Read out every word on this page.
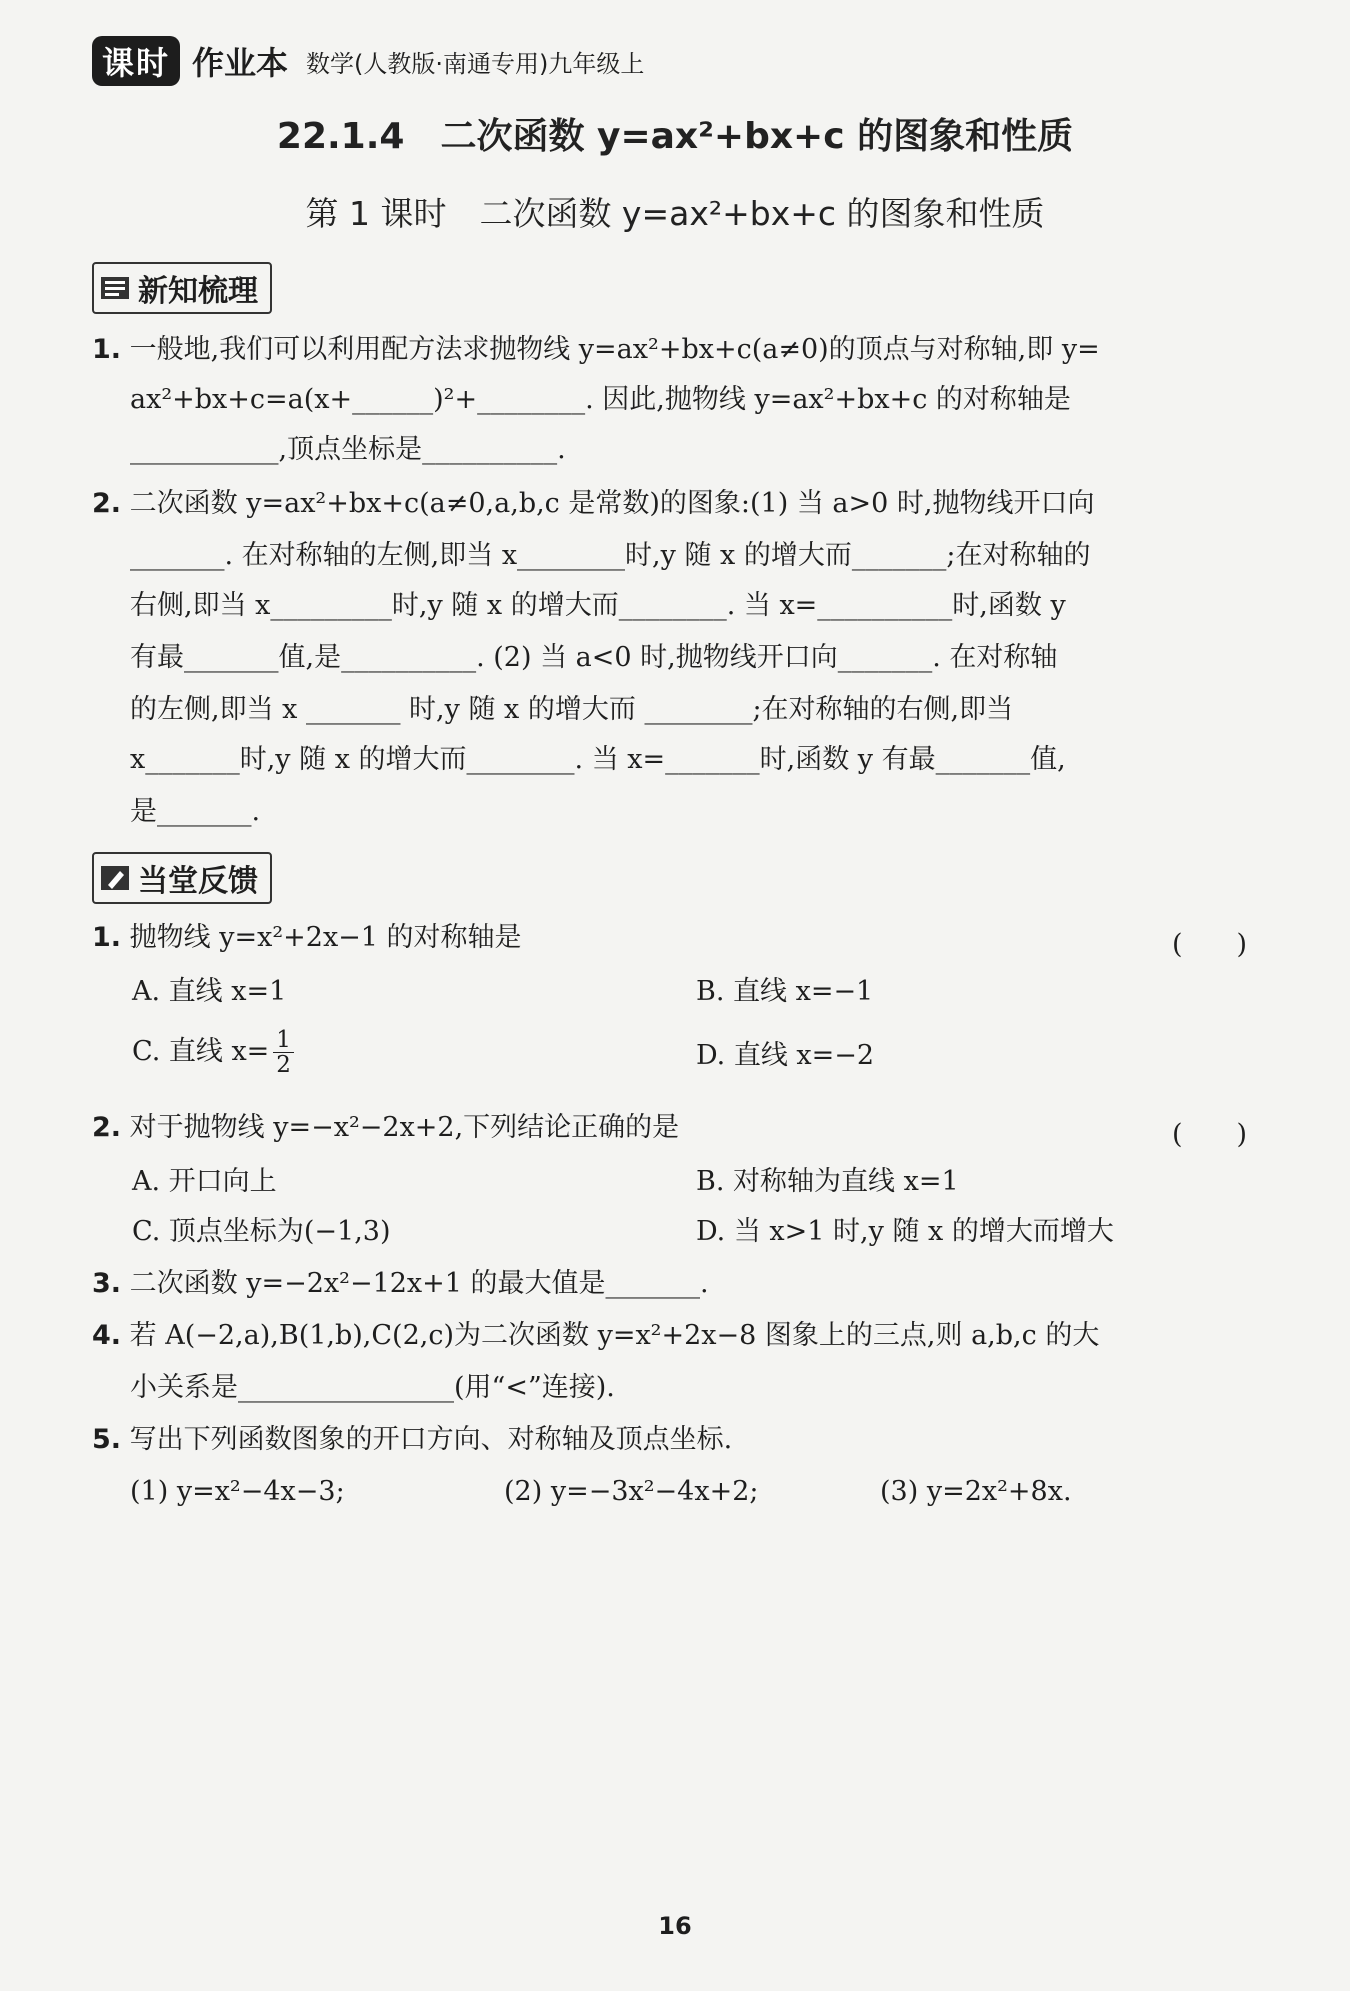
课时 作业本 数学(人教版·南通专用)九年级上
22.1.4　二次函数 y=ax²+bx+c 的图象和性质
第 1 课时　二次函数 y=ax²+bx+c 的图象和性质
新知梳理
1. 一般地,我们可以利用配方法求抛物线 y=ax²+bx+c(a≠0)的顶点与对称轴,即 y=
ax²+bx+c=a(x+______)²+________. 因此,抛物线 y=ax²+bx+c 的对称轴是
___________,顶点坐标是__________.
2. 二次函数 y=ax²+bx+c(a≠0,a,b,c 是常数)的图象:(1) 当 a>0 时,抛物线开口向
_______. 在对称轴的左侧,即当 x________时,y 随 x 的增大而_______;在对称轴的
右侧,即当 x_________时,y 随 x 的增大而________. 当 x=__________时,函数 y
有最_______值,是__________. (2) 当 a<0 时,抛物线开口向_______. 在对称轴
的左侧,即当 x _______ 时,y 随 x 的增大而 ________;在对称轴的右侧,即当
x_______时,y 随 x 的增大而________. 当 x=_______时,函数 y 有最_______值,
是_______.
当堂反馈
1. 抛物线 y=x²+2x−1 的对称轴是	(　　)
A. 直线 x=1	B. 直线 x=−1
C. 直线 $x= \frac{1}{2}$	D. 直线 x=−2
2. 对于抛物线 y=−x²−2x+2,下列结论正确的是	(　　)
A. 开口向上	B. 对称轴为直线 x=1
C. 顶点坐标为(−1,3)	D. 当 x>1 时,y 随 x 的增大而增大
3. 二次函数 y=−2x²−12x+1 的最大值是_______.
4. 若 A(−2,a),B(1,b),C(2,c)为二次函数 y=x²+2x−8 图象上的三点,则 a,b,c 的大
小关系是________________(用“<”连接).
5. 写出下列函数图象的开口方向、对称轴及顶点坐标.
(1) y=x²−4x−3;	(2) y=−3x²−4x+2;	(3) y=2x²+8x.
16
